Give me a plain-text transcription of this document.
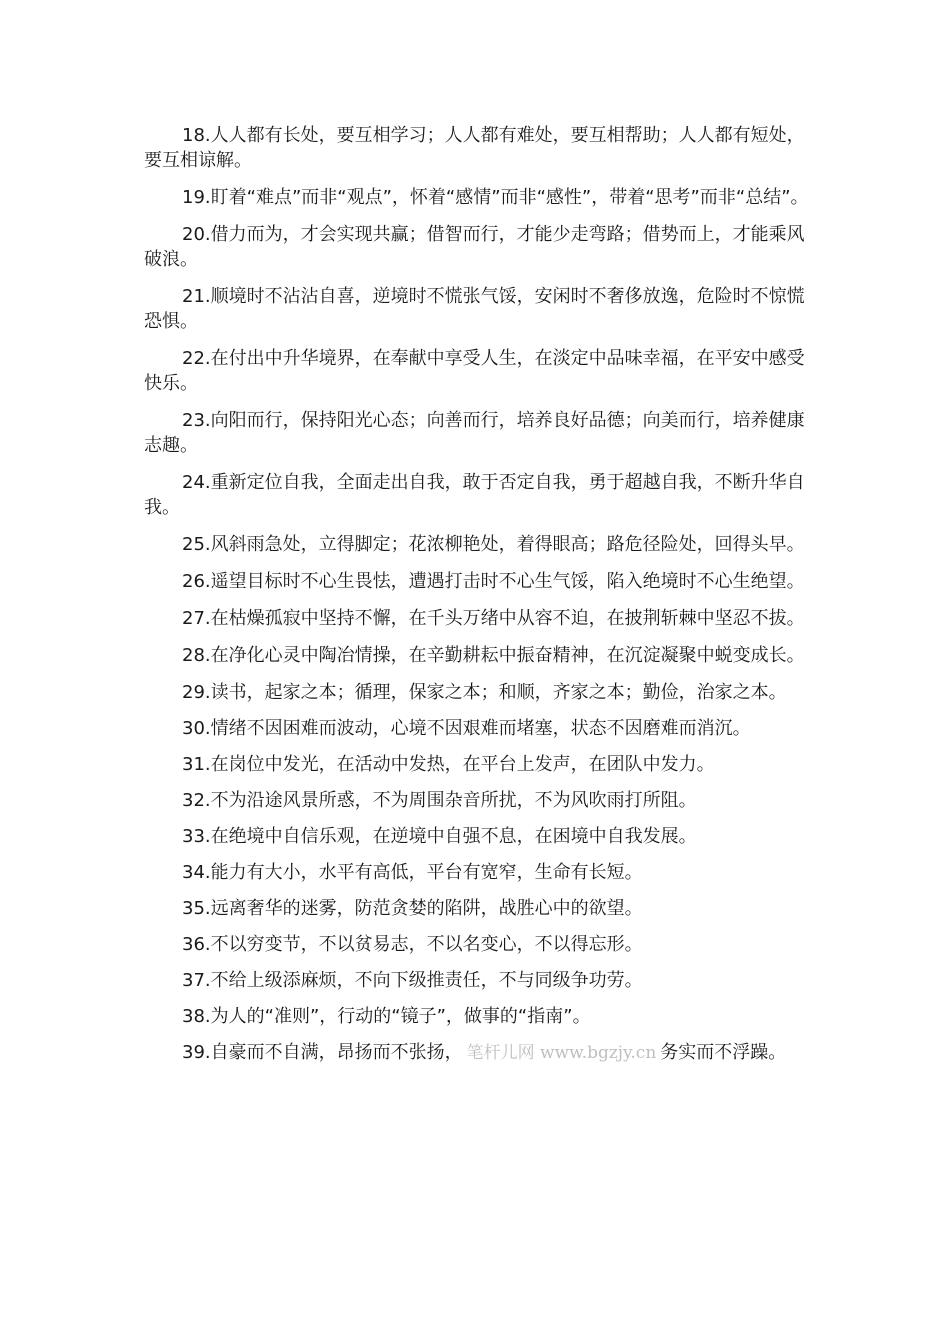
18.人人都有长处，要互相学习；人人都有难处，要互相帮助；人人都有短处，要互相谅解。

19.盯着“难点”而非“观点”，怀着“感情”而非“感性”，带着“思考”而非“总结”。

20.借力而为，才会实现共赢；借智而行，才能少走弯路；借势而上，才能乘风破浪。

21.顺境时不沾沾自喜，逆境时不慌张气馁，安闲时不奢侈放逸，危险时不惊慌恐惧。

22.在付出中升华境界，在奉献中享受人生，在淡定中品味幸福，在平安中感受快乐。

23.向阳而行，保持阳光心态；向善而行，培养良好品德；向美而行，培养健康志趣。

24.重新定位自我，全面走出自我，敢于否定自我，勇于超越自我，不断升华自我。

25.风斜雨急处，立得脚定；花浓柳艳处，着得眼高；路危径险处，回得头早。

26.遥望目标时不心生畏怯，遭遇打击时不心生气馁，陷入绝境时不心生绝望。

27.在枯燥孤寂中坚持不懈，在千头万绪中从容不迫，在披荆斩棘中坚忍不拔。

28.在净化心灵中陶冶情操，在辛勤耕耘中振奋精神，在沉淀凝聚中蜕变成长。

29.读书，起家之本；循理，保家之本；和顺，齐家之本；勤俭，治家之本。

30.情绪不因困难而波动，心境不因艰难而堵塞，状态不因磨难而消沉。

31.在岗位中发光，在活动中发热，在平台上发声，在团队中发力。

32.不为沿途风景所惑，不为周围杂音所扰，不为风吹雨打所阻。

33.在绝境中自信乐观，在逆境中自强不息，在困境中自我发展。

34.能力有大小，水平有高低，平台有宽窄，生命有长短。

35.远离奢华的迷雾，防范贪婪的陷阱，战胜心中的欲望。

36.不以穷变节，不以贫易志，不以名变心，不以得忘形。

37.不给上级添麻烦，不向下级推责任，不与同级争功劳。

38.为人的“准则”，行动的“镜子”，做事的“指南”。

39.自豪而不自满，昂扬而不张扬， 笔杆儿网 www.bgzjy.cn 务实而不浮躁。
